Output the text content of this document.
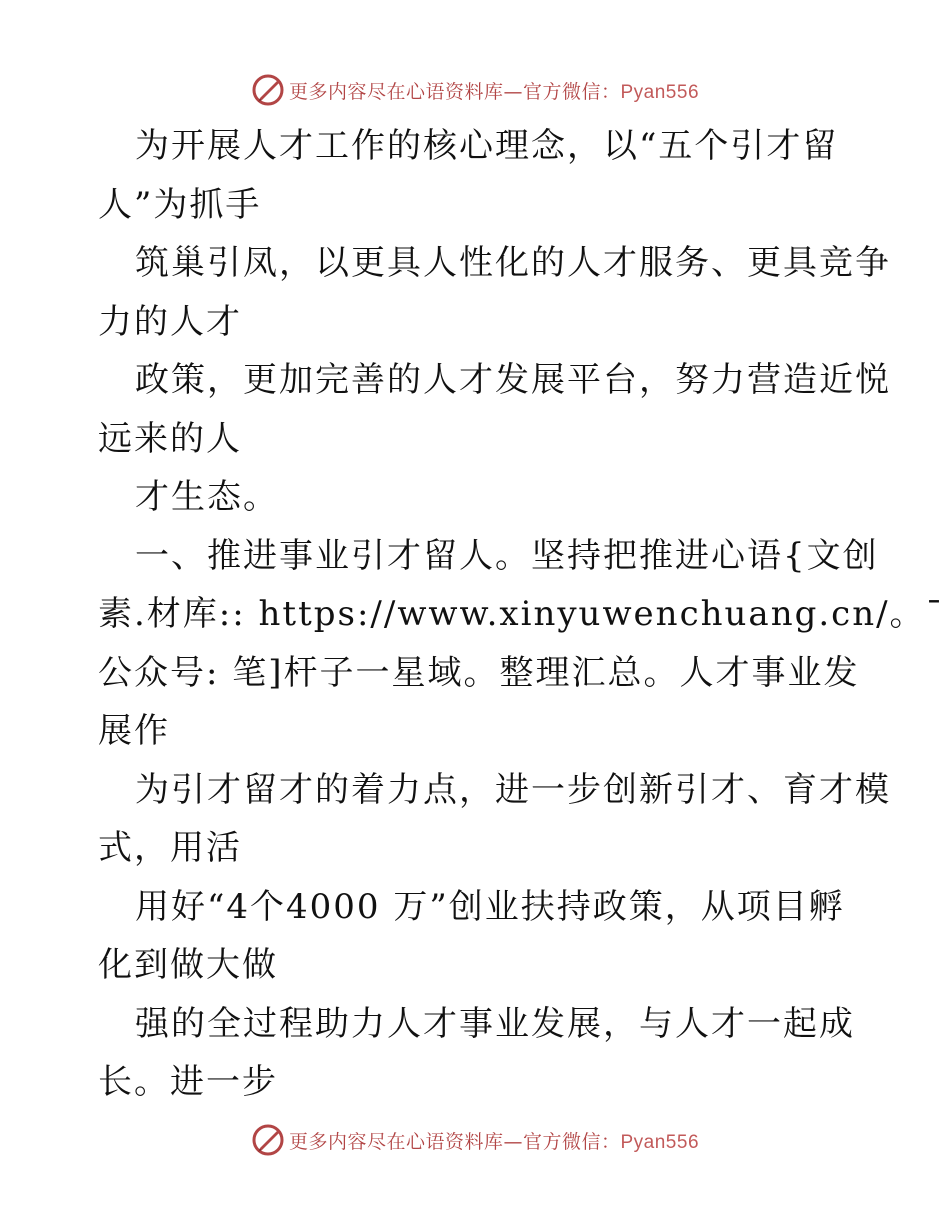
更多内容尽在心语资料库—官方微信：Pyan556
为开展人才工作的核心理念，以“五个引才留
人”为抓手
筑巢引凤，以更具人性化的人才服务、更具竞争
力的人才
政策，更加完善的人才发展平台，努力营造近悦
远来的人
才生态。
一、推进事业引才留人。坚持把推进心语{文创
素.材库:: https://www.xinyuwenchuang.cn/。¯
公众号: 笔]杆子一星域。整理汇总。人才事业发
展作
为引才留才的着力点，进一步创新引才、育才模
式，用活
用好“4个4000 万”创业扶持政策，从项目孵
化到做大做
强的全过程助力人才事业发展，与人才一起成
长。进一步
更多内容尽在心语资料库—官方微信：Pyan556
